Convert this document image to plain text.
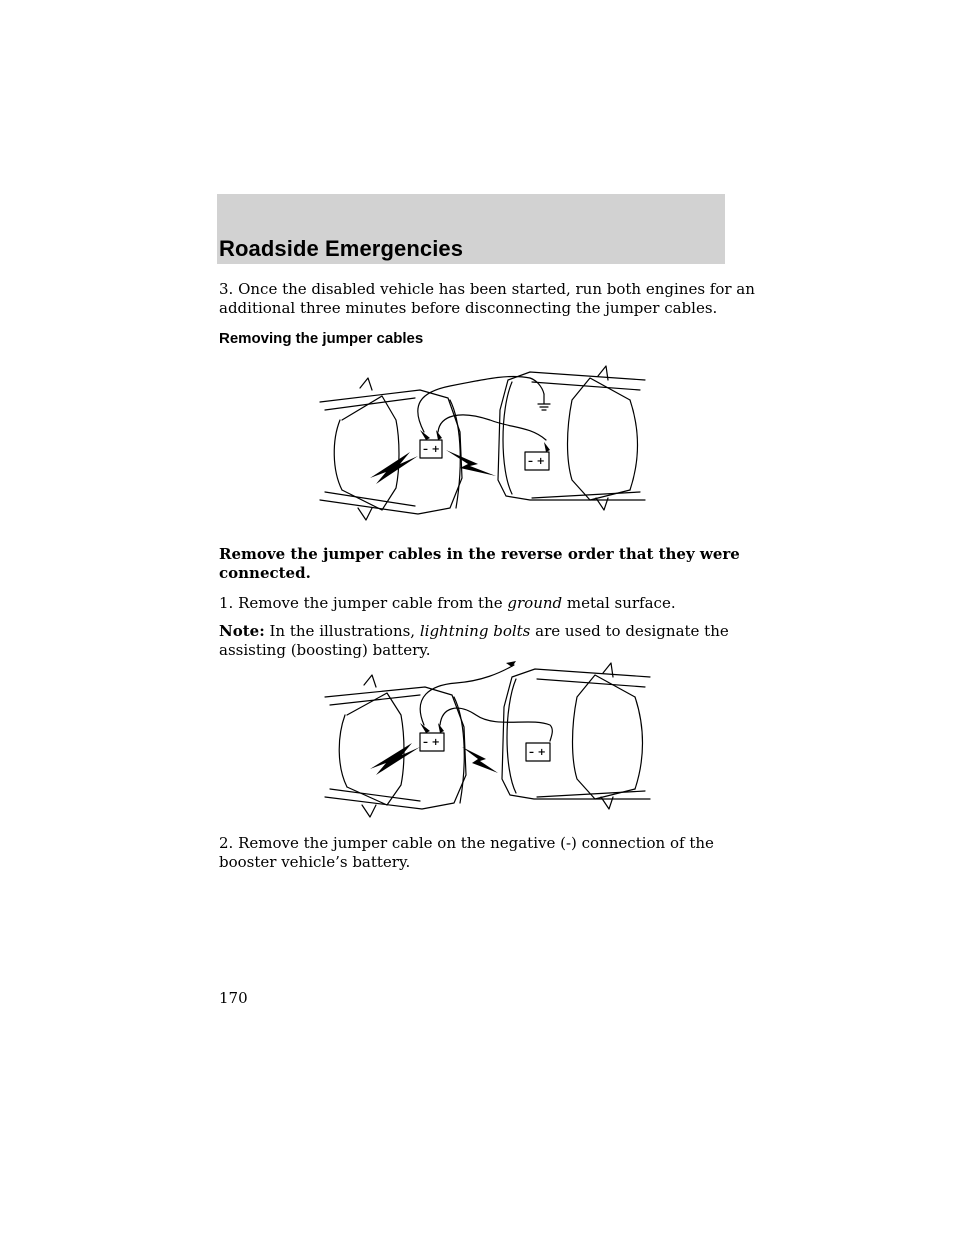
Roadside Emergencies
3. Once the disabled vehicle has been started, run both engines for an
additional three minutes before disconnecting the jumper cables.
Removing the jumper cables
– +
– +
Remove the jumper cables in the reverse order that they were
connected.
1. Remove the jumper cable from the ground metal surface.
Note: In the illustrations, lightning bolts are used to designate the
assisting (boosting) battery.
– +
– +
2. Remove the jumper cable on the negative (-) connection of the
booster vehicle’s battery.
170
